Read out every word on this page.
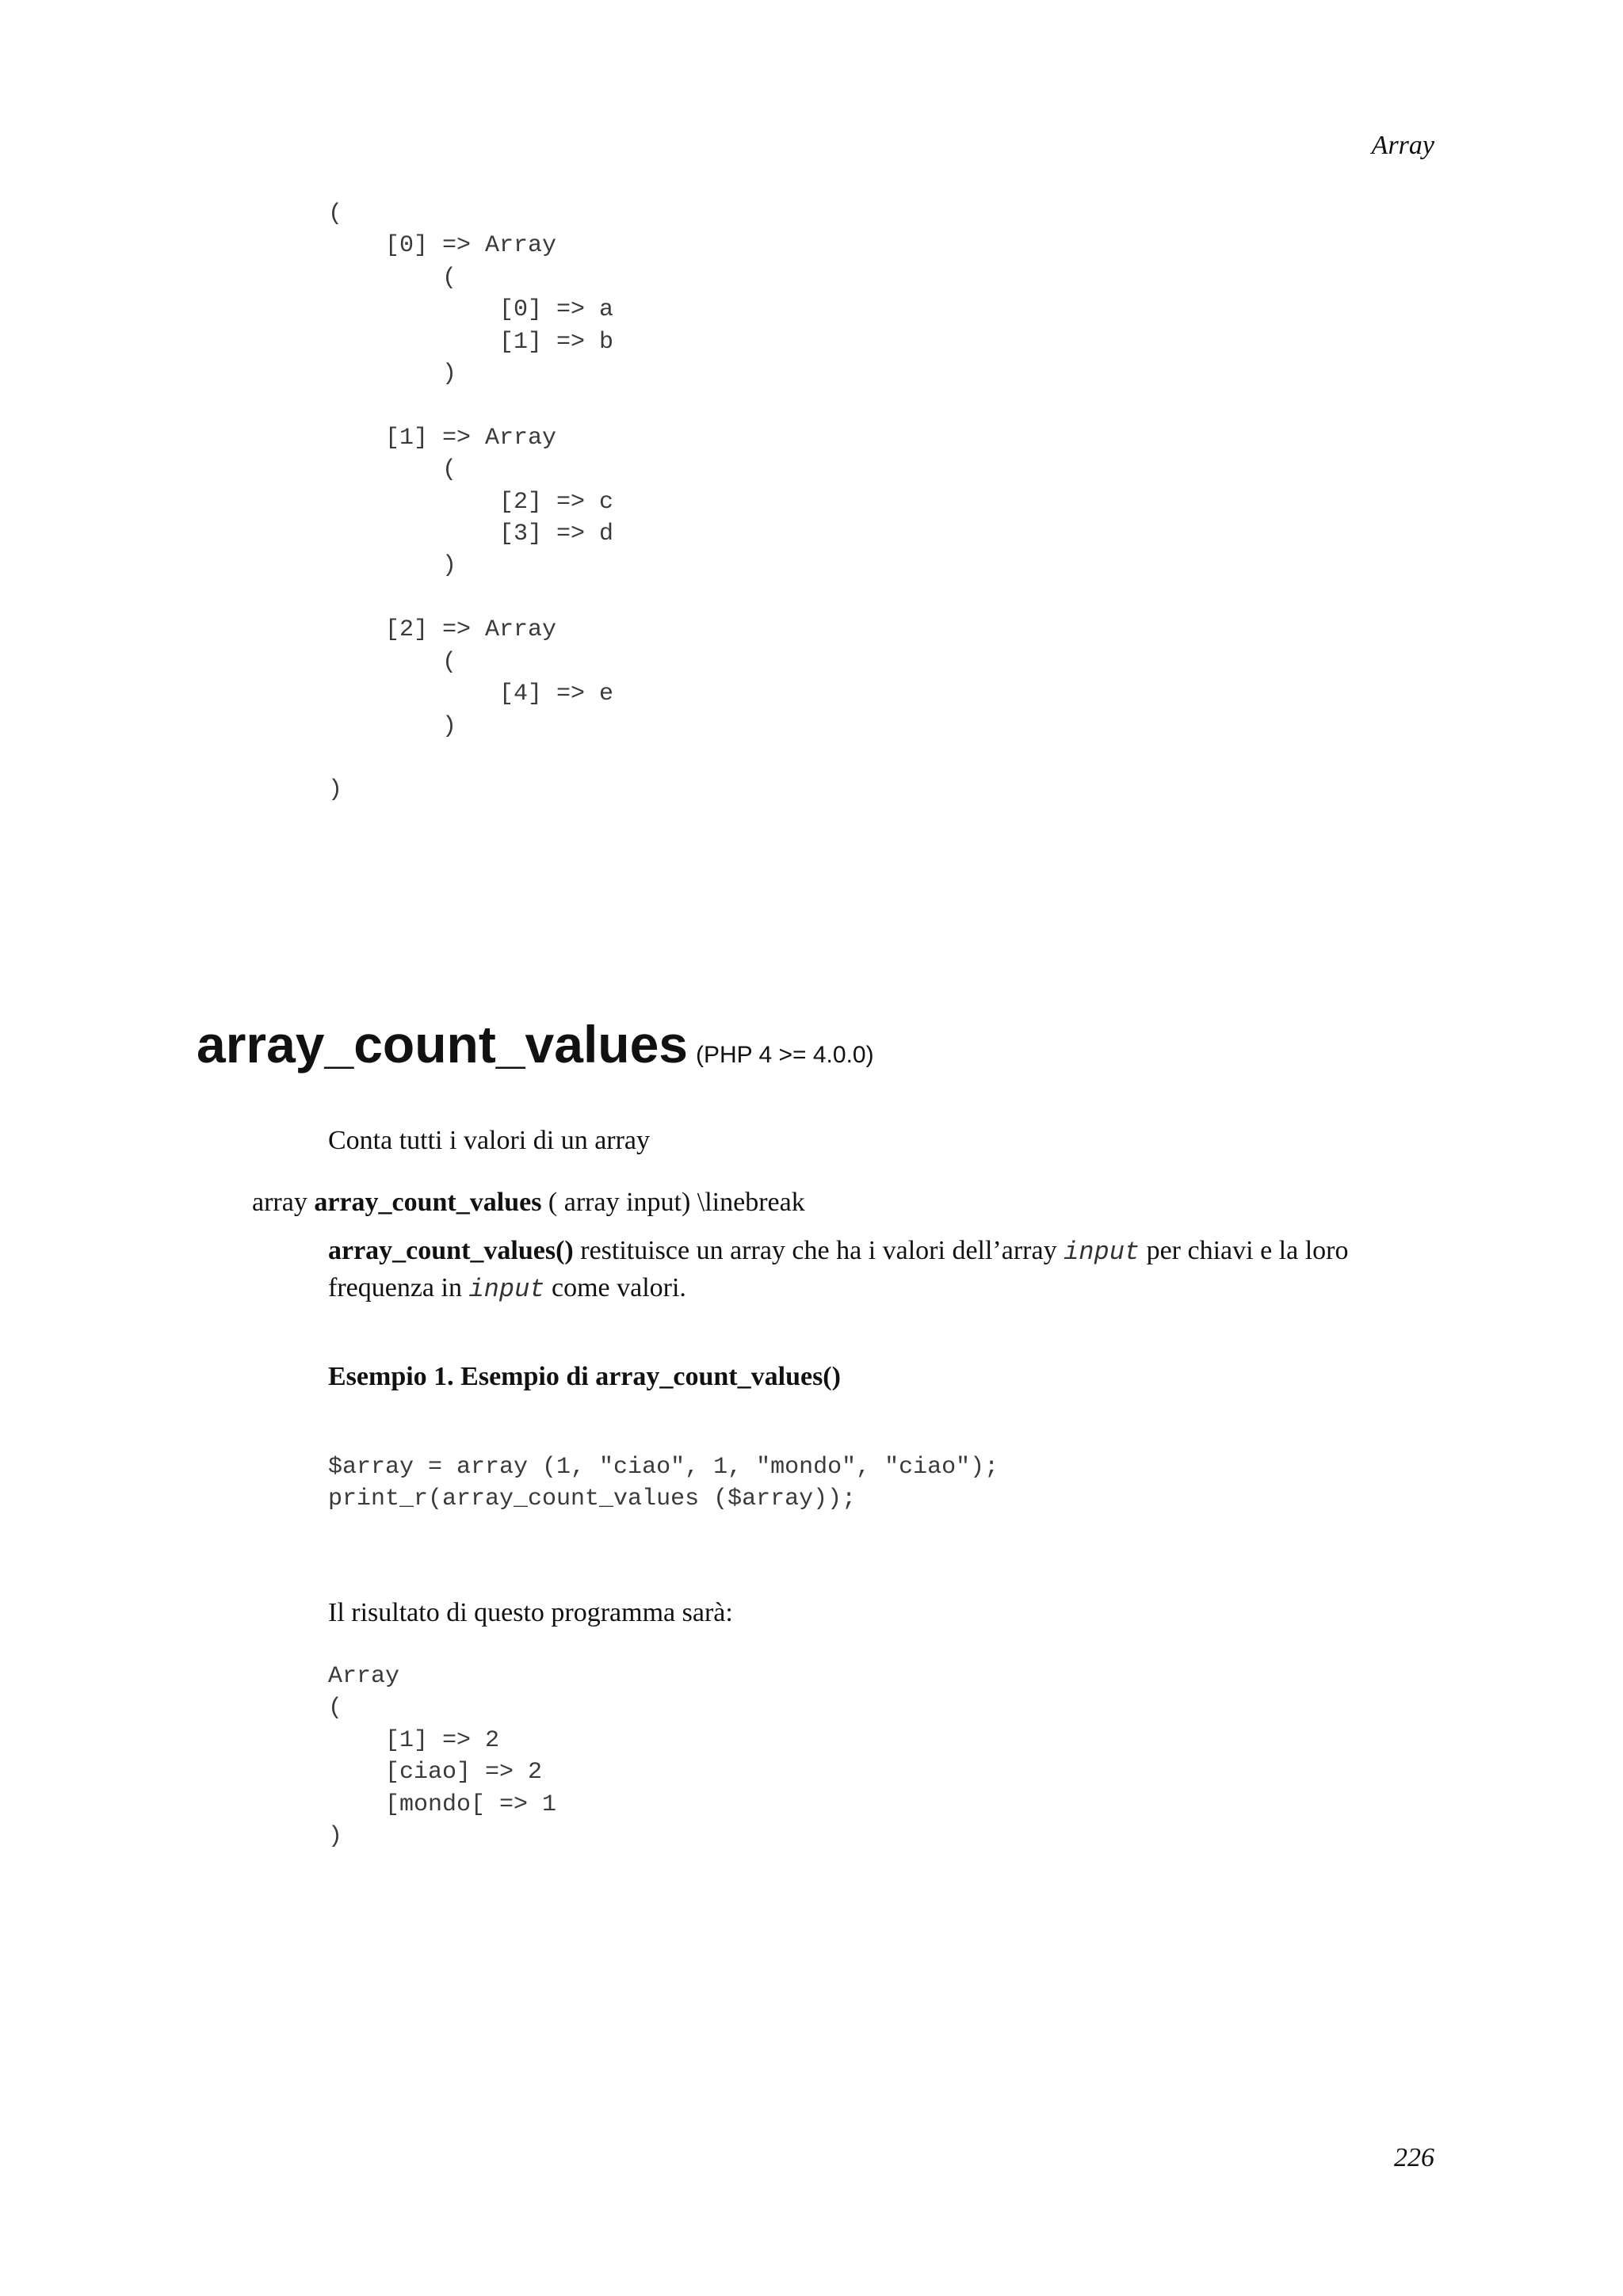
Array
(
[0] => Array
(
[0] => a
[1] => b
)

[1] => Array
(
[2] => c
[3] => d
)

[2] => Array
(
[4] => e
)

)
array_count_values (PHP 4 >= 4.0.0)
Conta tutti i valori di un array
array array_count_values ( array input) \linebreak

array_count_values() restituisce un array che ha i valori dell’array input per chiavi e la loro frequenza in input come valori.

Esempio 1. Esempio di array_count_values()
$array = array (1, "ciao", 1, "mondo", "ciao");
print_r(array_count_values ($array));
Il risultato di questo programma sarà:
Array
(
[1] => 2
[ciao] => 2
[mondo[ => 1
)
226
